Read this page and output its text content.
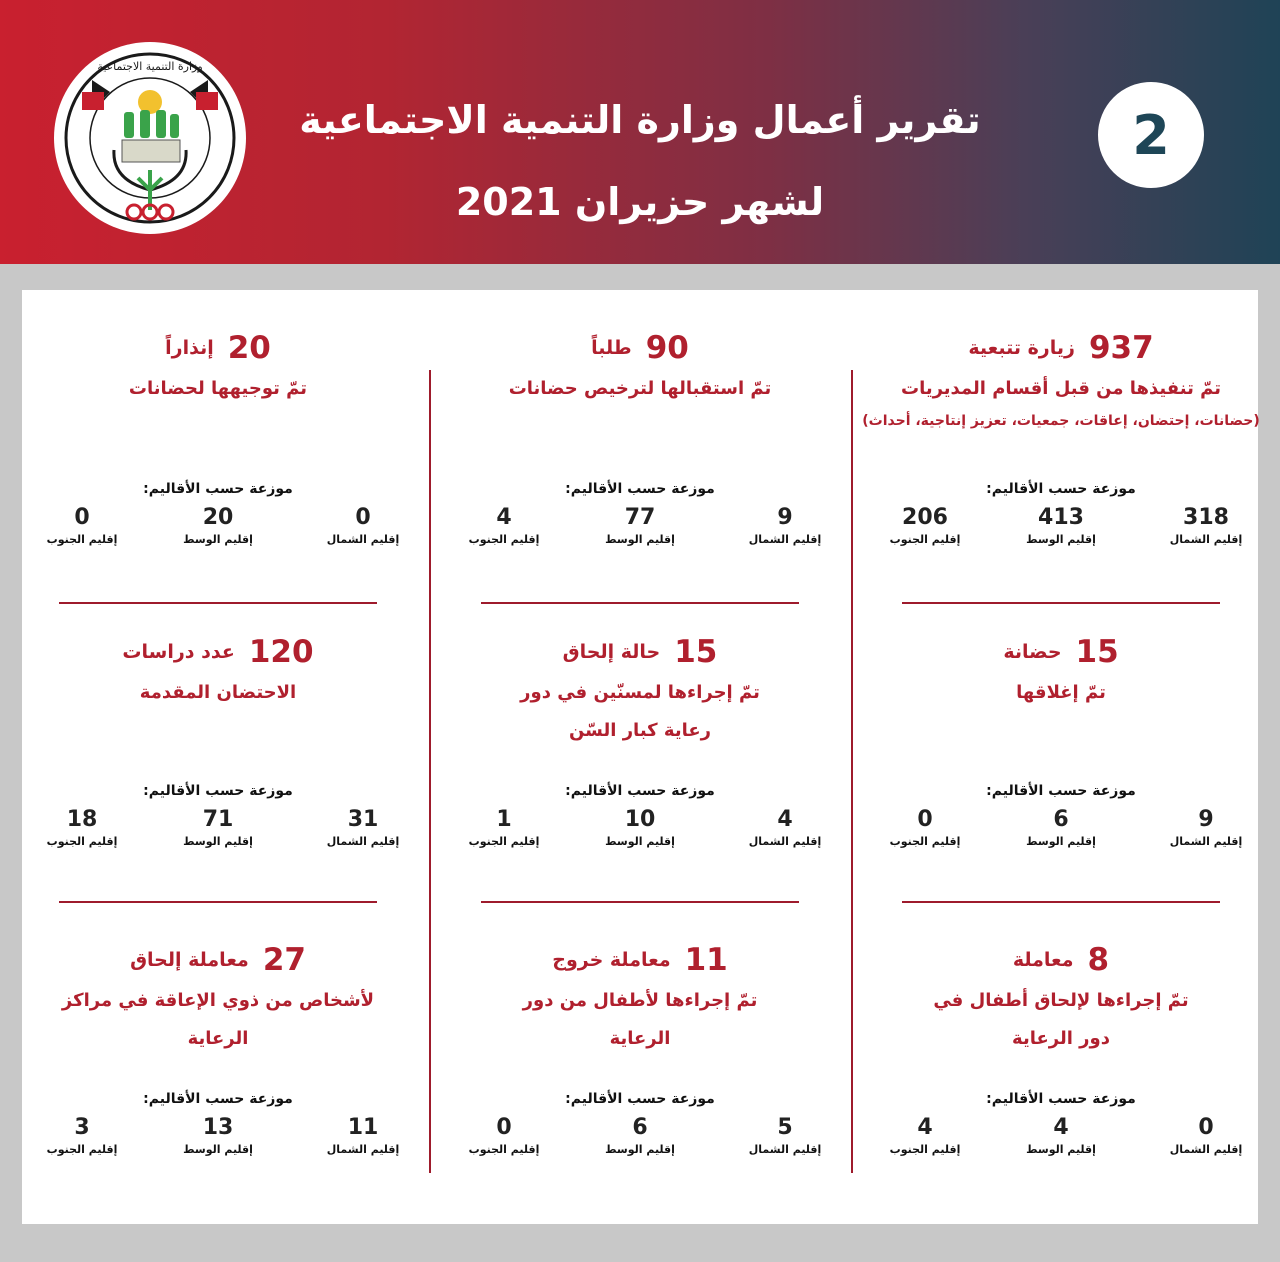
وزارة التنمية الاجتماعية
تقرير أعمال وزارة التنمية الاجتماعية
لشهر حزيران 2021
2
937
زيارة تتبعية
تمّ تنفيذها من قبل أقسام المديريات
(حضانات، إحتضان، إعاقات، جمعيات، تعزيز إنتاجية، أحداث)
90
طلباً
تمّ استقبالها لترخيص حضانات
20
إنذاراً
تمّ توجيهها لحضانات
موزعة حسب الأقاليم:
318
إقليم الشمال
413
إقليم الوسط
206
إقليم الجنوب
موزعة حسب الأقاليم:
9
إقليم الشمال
77
إقليم الوسط
4
إقليم الجنوب
موزعة حسب الأقاليم:
0
إقليم الشمال
20
إقليم الوسط
0
إقليم الجنوب
15
حضانة
تمّ إغلاقها
15
حالة إلحاق
تمّ إجراءها لمسنّين في دور رعاية كبار السّن
120
عدد دراسات
الاحتضان المقدمة
موزعة حسب الأقاليم:
9
إقليم الشمال
6
إقليم الوسط
0
إقليم الجنوب
موزعة حسب الأقاليم:
4
إقليم الشمال
10
إقليم الوسط
1
إقليم الجنوب
موزعة حسب الأقاليم:
31
إقليم الشمال
71
إقليم الوسط
18
إقليم الجنوب
8
معاملة
تمّ إجراءها لإلحاق أطفال في دور الرعاية
11
معاملة خروج
تمّ إجراءها لأطفال من دور الرعاية
27
معاملة إلحاق
لأشخاص من ذوي الإعاقة في مراكز الرعاية
موزعة حسب الأقاليم:
0
إقليم الشمال
4
إقليم الوسط
4
إقليم الجنوب
موزعة حسب الأقاليم:
5
إقليم الشمال
6
إقليم الوسط
0
إقليم الجنوب
موزعة حسب الأقاليم:
11
إقليم الشمال
13
إقليم الوسط
3
إقليم الجنوب
